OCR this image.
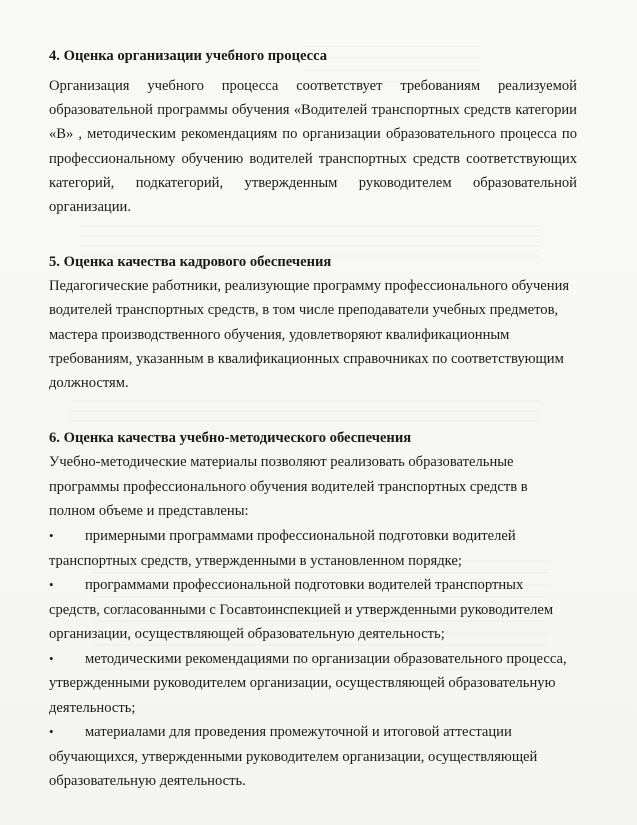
4. Оценка организации учебного процесса

Организация учебного процесса соответствует требованиям реализуемой образовательной программы обучения «Водителей транспортных средств категории «В» , методическим рекомендациям по организации образовательного процесса по профессиональному обучению водителей транспортных средств соответствующих категорий, подкатегорий, утвержденным руководителем образовательной организации.

5. Оценка качества кадрового обеспечения

Педагогические работники, реализующие программу профессионального обучения водителей транспортных средств, в том числе преподаватели учебных предметов, мастера производственного обучения, удовлетворяют квалификационным требованиям, указанным в квалификационных справочниках по соответствующим должностям.

6. Оценка качества учебно-методического обеспечения

Учебно-методические материалы позволяют реализовать образовательные программы профессионального обучения водителей транспортных средств в полном объеме и представлены:

• примерными программами профессиональной подготовки водителей транспортных средств, утвержденными в установленном порядке;
• программами профессиональной подготовки водителей транспортных средств, согласованными с Госавтоинспекцией и утвержденными руководителем организации, осуществляющей образовательную деятельность;
• методическими рекомендациями по организации образовательного процесса, утвержденными руководителем организации, осуществляющей образовательную деятельность;
• материалами для проведения промежуточной и итоговой аттестации обучающихся, утвержденными руководителем организации, осуществляющей образовательную деятельность.
